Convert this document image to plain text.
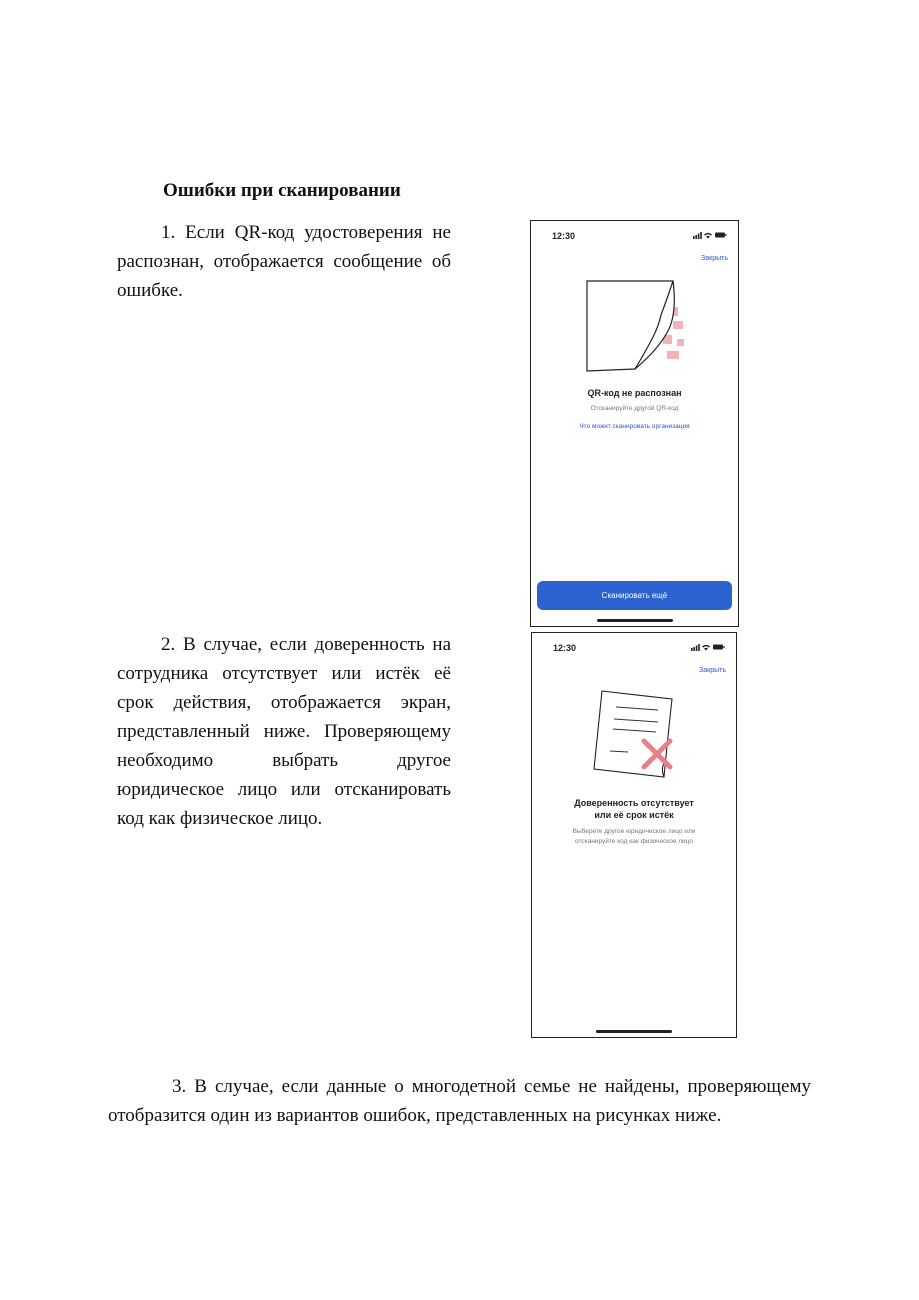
Ошибки при сканировании

1. Если QR-код удостоверения не распознан, отображается сообщение об ошибке.

2. В случае, если доверенность на сотрудника отсутствует или истёк её срок действия, отображается экран, представленный ниже. Проверяющему необходимо выбрать другое юридическое лицо или отсканировать код как физическое лицо.

3. В случае, если данные о многодетной семье не найдены, проверяющему отобразится один из вариантов ошибок, представленных на рисунках ниже.

12:30
Закрыть
QR-код не распознан
Отсканируйте другой QR-код
Что может сканировать организация
Сканировать ещё
12:30
Закрыть
Доверенность отсутствует
или её срок истёк
Выберете другое юридическое лицо или
отсканируйте код как физическое лицо
